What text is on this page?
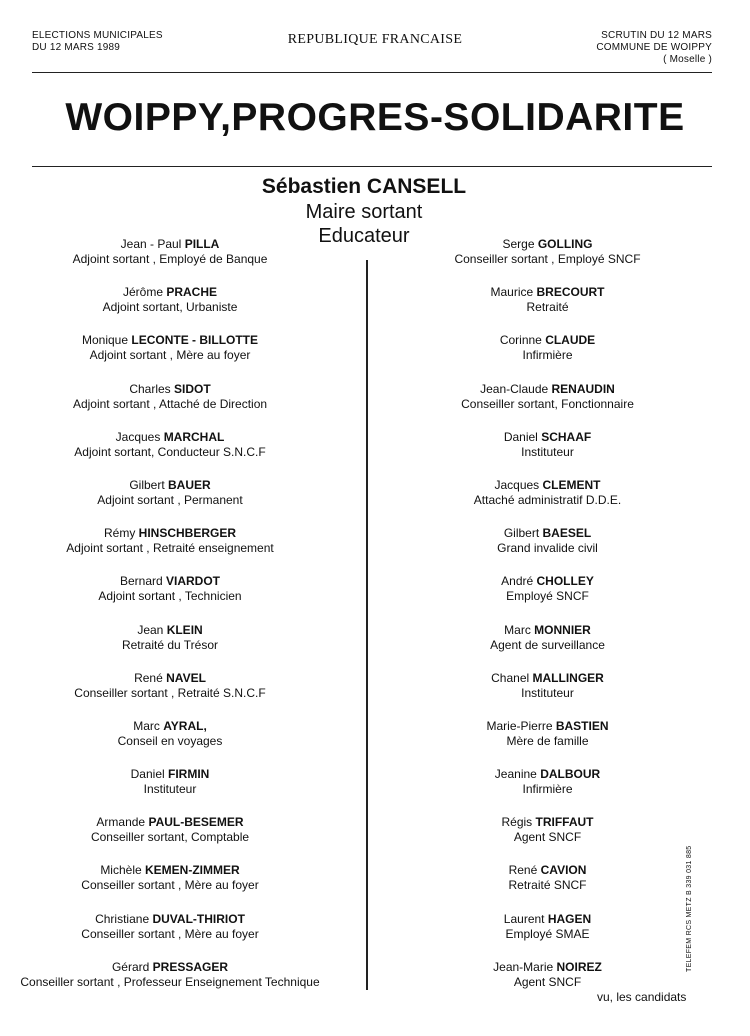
ELECTIONS MUNICIPALES
DU 12 MARS 1989
REPUBLIQUE FRANCAISE	SCRUTIN DU 12 MARS
COMMUNE DE WOIPPY
( Moselle )
WOIPPY,PROGRES-SOLIDARITE
Sébastien CANSELL
Maire sortant
Educateur
Jean - Paul PILLA
Adjoint sortant , Employé de Banque
Jérôme PRACHE
Adjoint sortant, Urbaniste
Monique LECONTE - BILLOTTE
Adjoint sortant , Mère au foyer
Charles SIDOT
Adjoint sortant , Attaché de Direction
Jacques MARCHAL
Adjoint sortant, Conducteur S.N.C.F
Gilbert BAUER
Adjoint sortant , Permanent
Rémy HINSCHBERGER
Adjoint sortant , Retraité enseignement
Bernard VIARDOT
Adjoint sortant , Technicien
Jean KLEIN
Retraité du Trésor
René NAVEL
Conseiller sortant , Retraité S.N.C.F
Marc AYRAL,
Conseil en voyages
Daniel FIRMIN
Instituteur
Armande PAUL-BESEMER
Conseiller sortant, Comptable
Michèle KEMEN-ZIMMER
Conseiller sortant , Mère au foyer
Christiane DUVAL-THIRIOT
Conseiller sortant , Mère au foyer
Gérard PRESSAGER
Conseiller sortant , Professeur Enseignement Technique
Serge GOLLING
Conseiller sortant , Employé SNCF
Maurice BRECOURT
Retraité
Corinne CLAUDE
Infirmière
Jean-Claude RENAUDIN
Conseiller sortant, Fonctionnaire
Daniel SCHAAF
Instituteur
Jacques CLEMENT
Attaché administratif D.D.E.
Gilbert BAESEL
Grand invalide civil
André CHOLLEY
Employé SNCF
Marc MONNIER
Agent de surveillance
Chanel MALLINGER
Instituteur
Marie-Pierre BASTIEN
Mère de famille
Jeanine DALBOUR
Infirmière
Régis TRIFFAUT
Agent SNCF
René CAVION
Retraité SNCF
Laurent HAGEN
Employé SMAE
Jean-Marie NOIREZ
Agent SNCF
TELEFEM RCS METZ B 339 031 885
vu, les candidats
